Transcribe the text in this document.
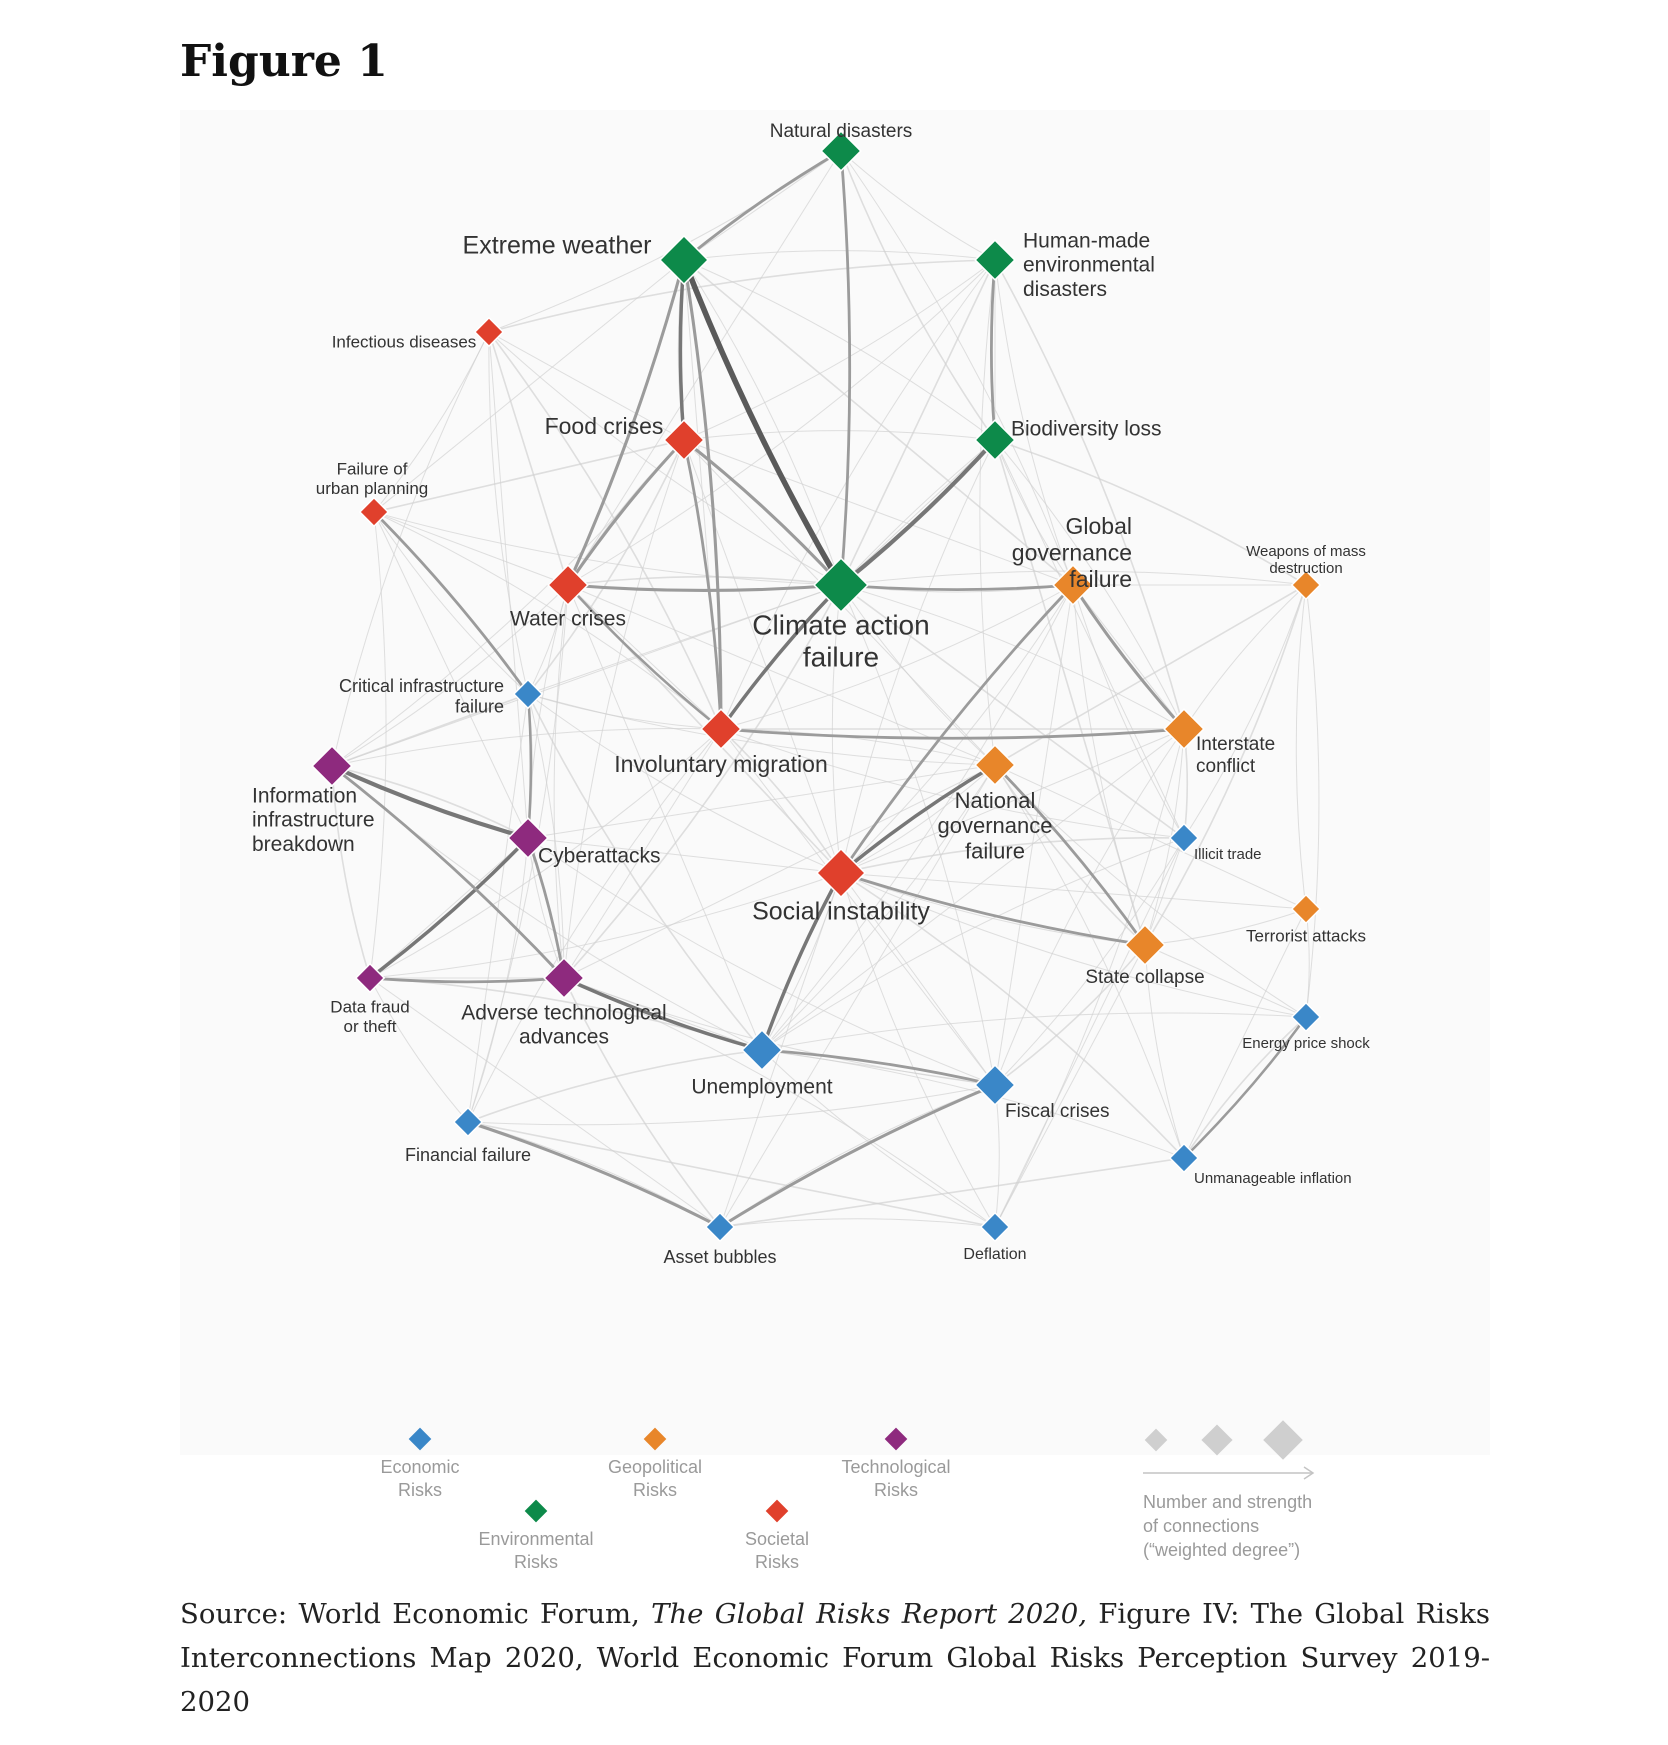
Figure 1
Natural disasters
Extreme weather	Human-made
environmental
disasters
Infectious diseases
Food crises	Biodiversity loss
Failure of
urban planning
Water crises	Climate action
failure
Global
governance
failure
Weapons of mass
destruction
Critical infrastructure
failure
Involuntary migration
Interstate
conflict
Information
infrastructure
breakdown
National
governance
failure
Cyberattacks	Illicit trade
Social instability
Terrorist attacks
State collapse
Data fraud
or theft
Adverse technological
advances	Energy price shock
Unemployment
Fiscal crises
Financial failure
Unmanageable inflation
Asset bubbles	Deflation
Economic
Risks
Geopolitical
Risks
Technological
Risks
Environmental
Risks
Societal
Risks
Number and strength
of connections
(“weighted degree”)

Source: World Economic Forum, The Global Risks Report 2020, Figure IV: The Global Risks Interconnections Map 2020, World Economic Forum Global Risks Perception Survey 2019-2020
